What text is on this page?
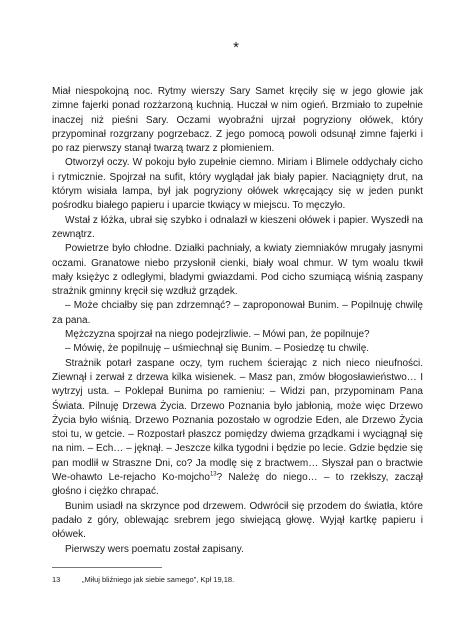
*

Miał niespokojną noc. Rytmy wierszy Sary Samet kręciły się w jego głowie jak zimne fajerki ponad rozżarzoną kuchnią. Huczał w nim ogień. Brzmiało to zupełnie inaczej niż pieśni Sary. Oczami wyobraźni ujrzał pogryziony ołówek, który przypominał rozgrzany pogrzebacz. Z jego pomocą powoli odsunął zimne fajerki i po raz pierwszy stanął twarzą twarz z płomieniem.

Otworzył oczy. W pokoju było zupełnie ciemno. Miriam i Blimele oddychały cicho i rytmicznie. Spojrzał na sufit, który wyglądał jak biały papier. Naciągnięty drut, na którym wisiała lampa, był jak pogryziony ołówek wkręcający się w jeden punkt pośrodku białego papieru i uparcie tkwiący w miejscu. To męczyło.

Wstał z łóżka, ubrał się szybko i odnalazł w kieszeni ołówek i papier. Wyszedł na zewnątrz.

Powietrze było chłodne. Działki pachniały, a kwiaty ziemniaków mrugały jasnymi oczami. Granatowe niebo przysłonił cienki, biały woal chmur. W tym woalu tkwił mały księżyc z odległymi, bladymi gwiazdami. Pod cicho szumiącą wiśnią zaspany strażnik gminny kręcił się wzdłuż grządek.

– Może chciałby się pan zdrzemnąć? – zaproponował Bunim. – Popilnuję chwilę za pana.

Mężczyzna spojrzał na niego podejrzliwie. – Mówi pan, że popilnuje?

– Mówię, że popilnuję – uśmiechnął się Bunim. – Posiedzę tu chwilę.

Strażnik potarł zaspane oczy, tym ruchem ścierając z nich nieco nieufności. Ziewnął i zerwał z drzewa kilka wisienek. – Masz pan, zmów błogosławieństwo… I wytrzyj usta. – Poklepał Bunima po ramieniu: – Widzi pan, przypominam Pana Świata. Pilnuję Drzewa Życia. Drzewo Poznania było jabłonią, może więc Drzewo Życia było wiśnią. Drzewo Poznania pozostało w ogrodzie Eden, ale Drzewo Życia stoi tu, w getcie. – Rozpostarł płaszcz pomiędzy dwiema grządkami i wyciągnął się na nim. – Ech… – jęknął. – Jeszcze kilka tygodni i będzie po lecie. Gdzie będzie się pan modlił w Straszne Dni, co? Ja modlę się z bractwem… Słyszał pan o bractwie We-ohawto Le-rejacho Ko-mojcho$^{13}$? Należę do niego… – to rzekłszy, zaczął głośno i ciężko chrapać.

Bunim usiadł na skrzynce pod drzewem. Odwrócił się przodem do światła, które padało z góry, oblewając srebrem jego siwiejącą głowę. Wyjął kartkę papieru i ołówek.

Pierwszy wers poematu został zapisany.

13	„Miłuj bliźniego jak siebie samego”, Kpł 19,18.
